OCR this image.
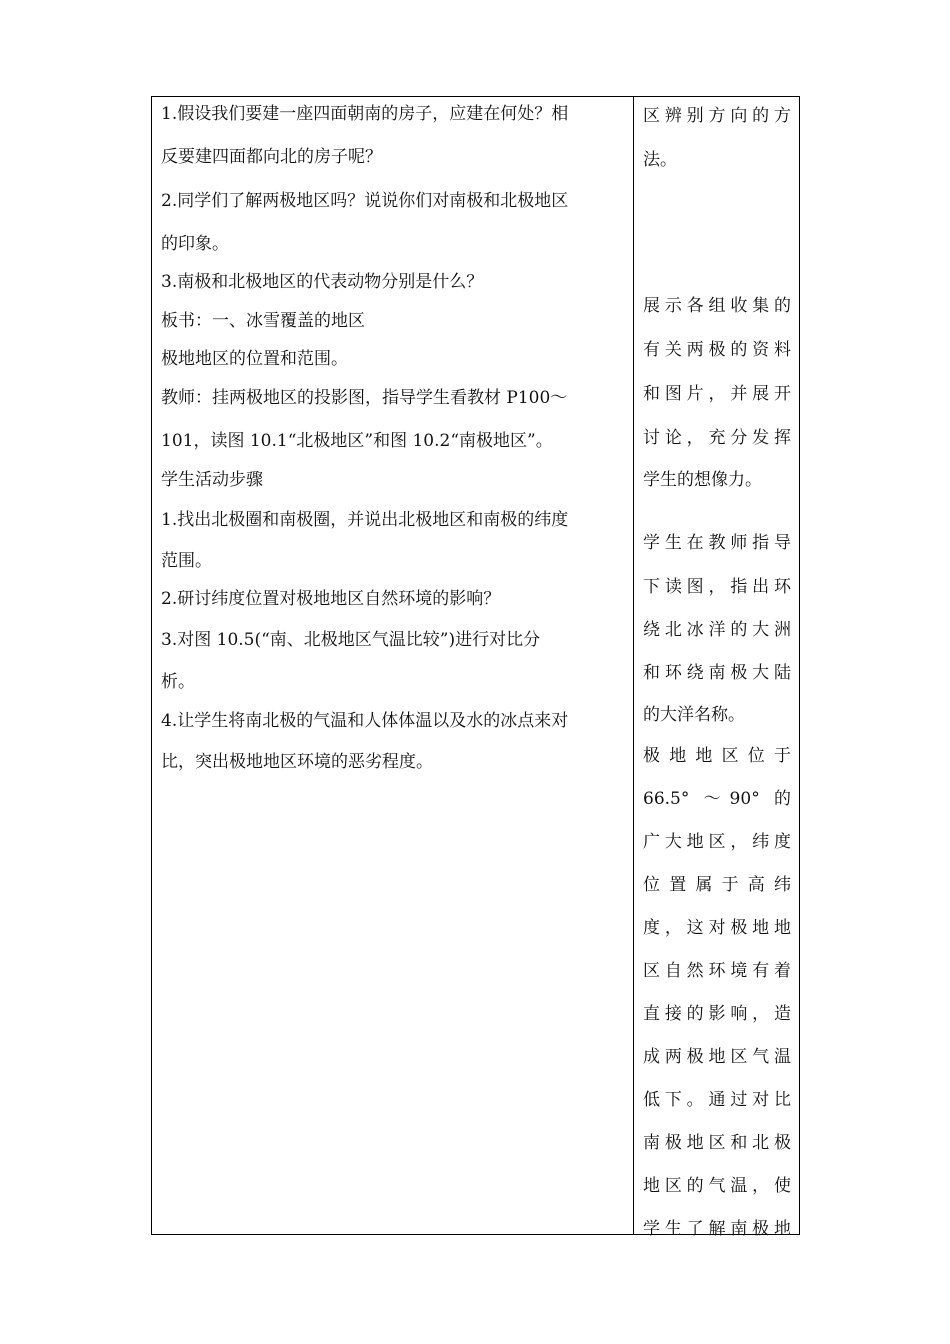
1.假设我们要建一座四面朝南的房子，应建在何处？相
反要建四面都向北的房子呢？
2.同学们了解两极地区吗？说说你们对南极和北极地区
的印象。
3.南极和北极地区的代表动物分别是什么？
板书：一、冰雪覆盖的地区
极地地区的位置和范围。
教师：挂两极地区的投影图，指导学生看教材 P100～
101，读图 10.1“北极地区”和图 10.2“南极地区”。
学生活动步骤
1.找出北极圈和南极圈，并说出北极地区和南极的纬度
范围。
2.研讨纬度位置对极地地区自然环境的影响？
3.对图 10.5(“南、北极地区气温比较”)进行对比分
析。
4.让学生将南北极的气温和人体体温以及水的冰点来对
比，突出极地地区环境的恶劣程度。
区辨别方向的方
法。
展示各组收集的
有关两极的资料
和图片，并展开
讨论，充分发挥
学生的想像力。
学生在教师指导
下读图，指出环
绕北冰洋的大洲
和环绕南极大陆
的大洋名称。
极地地区位于
66.5° ～90° 的
广大地区，纬度
位置属于高纬
度，这对极地地
区自然环境有着
直接的影响，造
成两极地区气温
低下。通过对比
南极地区和北极
地区的气温，使
学生了解南极地
